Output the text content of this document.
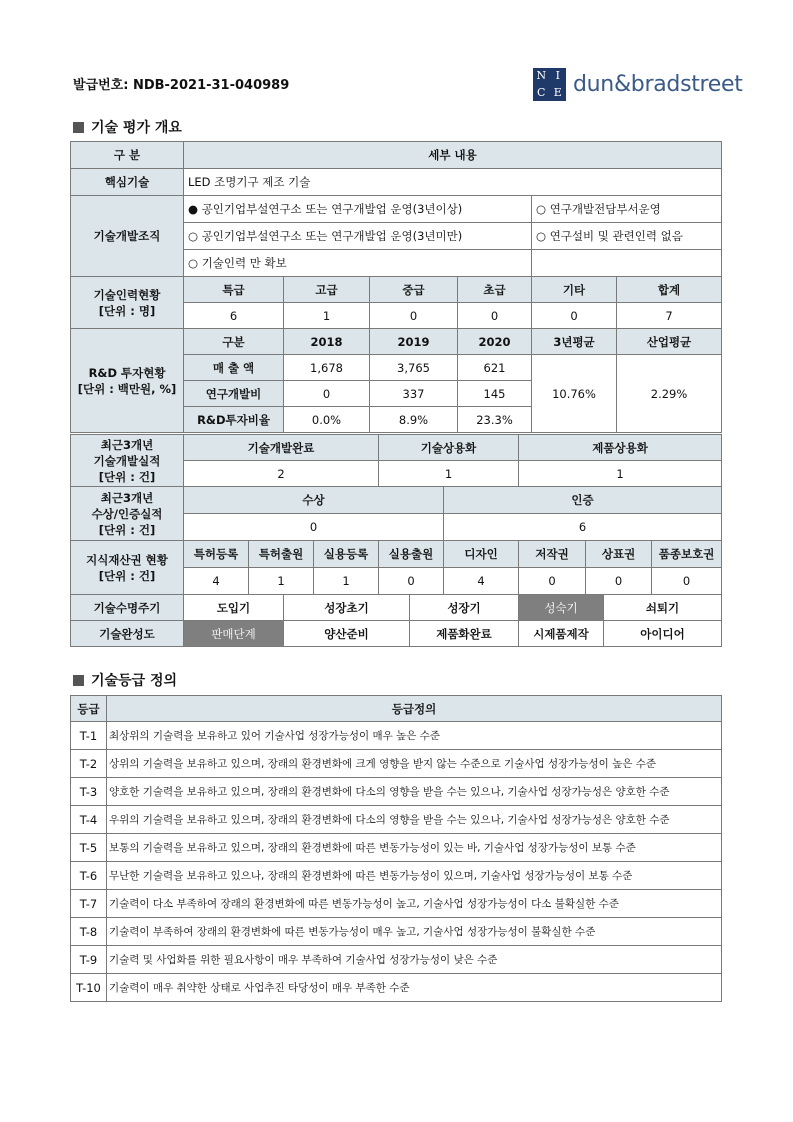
발급번호: NDB-2021-31-040989
N I
C E dun&bradstreet
기술 평가 개요
구 분	세부 내용					
핵심기술	LED 조명기구 제조 기술					
기술개발조직	● 공인기업부설연구소 또는 연구개발업 운영(3년이상)				○ 연구개발전담부서운영	
	○ 공인기업부설연구소 또는 연구개발업 운영(3년미만)				○ 연구설비 및 관련인력 없음	
	○ 기술인력 만 확보					

기술인력현황
[단위 : 명]	특급	고급	중급	초급	기타	합계
	6	1	0	0	0	7

R&D 투자현황
[단위 : 백만원, %]	구분	2018	2019	2020	3년평균	산업평균
	매 출 액	1,678	3,765	621	10.76%	2.29%
	연구개발비	0	337	145		
	R&D투자비율	0.0%	8.9%	23.3%		
최근3개년
기술개발실적
[단위 : 건]	기술개발완료			기술상용화		제품상용화		
	2			1		1		

최근3개년
수상/인증실적
[단위 : 건]	수상				인증			
	0				6			

지식재산권 현황
[단위 : 건]	특허등록	특허출원	실용등록	실용출원	디자인	저작권	상표권	품종보호권
	4	1	1	0	4	0	0	0
기술수명주기	도입기	성장초기	성장기	성숙기	쇠퇴기
기술완성도	판매단계	양산준비	제품화완료	시제품제작	아이디어
기술등급 정의
등급	등급정의
T-1	최상위의 기술력을 보유하고 있어 기술사업 성장가능성이 매우 높은 수준
T-2	상위의 기술력을 보유하고 있으며, 장래의 환경변화에 크게 영향을 받지 않는 수준으로 기술사업 성장가능성이 높은 수준
T-3	양호한 기술력을 보유하고 있으며, 장래의 환경변화에 다소의 영향을 받을 수는 있으나, 기술사업 성장가능성은 양호한 수준
T-4	우위의 기술력을 보유하고 있으며, 장래의 환경변화에 다소의 영향을 받을 수는 있으나, 기술사업 성장가능성은 양호한 수준
T-5	보통의 기술력을 보유하고 있으며, 장래의 환경변화에 따른 변동가능성이 있는 바, 기술사업 성장가능성이 보통 수준
T-6	무난한 기술력을 보유하고 있으나, 장래의 환경변화에 따른 변동가능성이 있으며, 기술사업 성장가능성이 보통 수준
T-7	기술력이 다소 부족하여 장래의 환경변화에 따른 변동가능성이 높고, 기술사업 성장가능성이 다소 불확실한 수준
T-8	기술력이 부족하여 장래의 환경변화에 따른 변동가능성이 매우 높고, 기술사업 성장가능성이 불확실한 수준
T-9	기술력 및 사업화를 위한 필요사항이 매우 부족하여 기술사업 성장가능성이 낮은 수준
T-10	기술력이 매우 취약한 상태로 사업추진 타당성이 매우 부족한 수준
